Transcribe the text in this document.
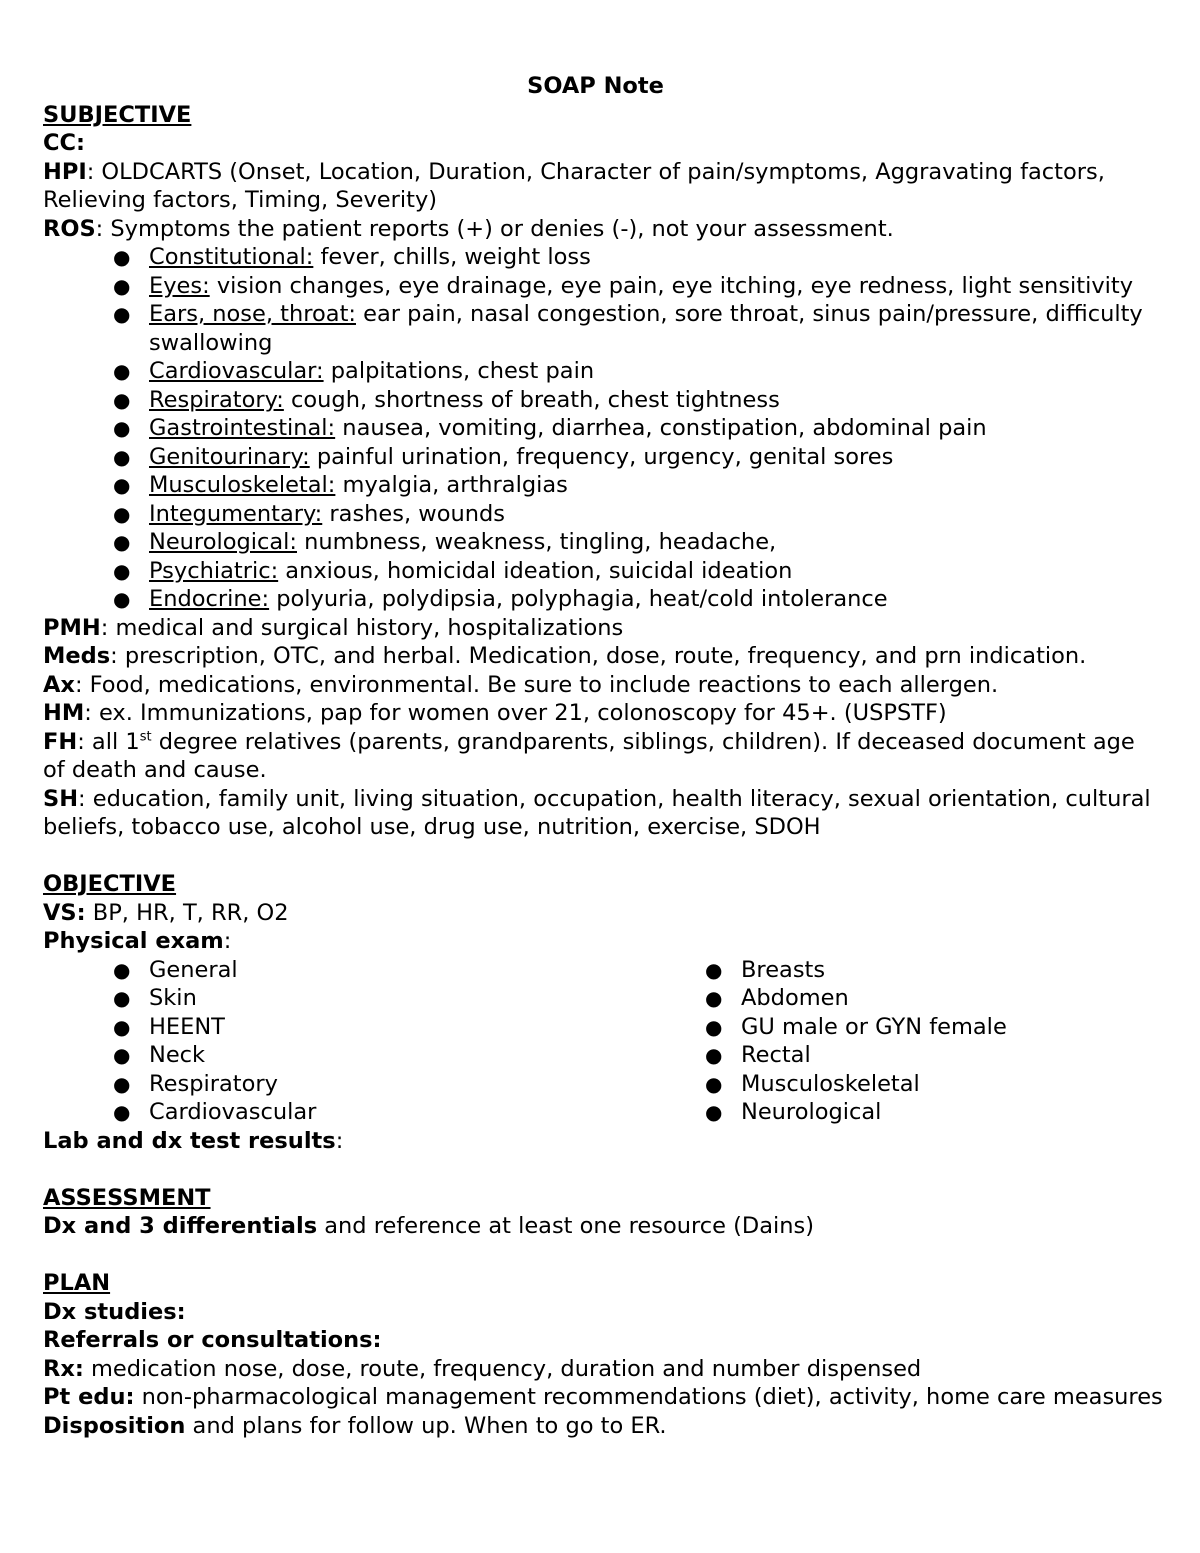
SOAP Note
SUBJECTIVE
CC:
HPI: OLDCARTS (Onset, Location, Duration, Character of pain/symptoms, Aggravating factors, Relieving factors, Timing, Severity)
ROS: Symptoms the patient reports (+) or denies (-), not your assessment.
● Constitutional: fever, chills, weight loss
● Eyes: vision changes, eye drainage, eye pain, eye itching, eye redness, light sensitivity
● Ears, nose, throat: ear pain, nasal congestion, sore throat, sinus pain/pressure, difficulty swallowing
● Cardiovascular: palpitations, chest pain
● Respiratory: cough, shortness of breath, chest tightness
● Gastrointestinal: nausea, vomiting, diarrhea, constipation, abdominal pain
● Genitourinary: painful urination, frequency, urgency, genital sores
● Musculoskeletal: myalgia, arthralgias
● Integumentary: rashes, wounds
● Neurological: numbness, weakness, tingling, headache,
● Psychiatric: anxious, homicidal ideation, suicidal ideation
● Endocrine: polyuria, polydipsia, polyphagia, heat/cold intolerance
PMH: medical and surgical history, hospitalizations
Meds: prescription, OTC, and herbal. Medication, dose, route, frequency, and prn indication.
Ax: Food, medications, environmental. Be sure to include reactions to each allergen.
HM: ex. Immunizations, pap for women over 21, colonoscopy for 45+. (USPSTF)
FH: all 1st degree relatives (parents, grandparents, siblings, children). If deceased document age of death and cause.
SH: education, family unit, living situation, occupation, health literacy, sexual orientation, cultural beliefs, tobacco use, alcohol use, drug use, nutrition, exercise, SDOH
OBJECTIVE
VS: BP, HR, T, RR, O2
Physical exam:
● General
● Skin
● HEENT
● Neck
● Respiratory
● Cardiovascular
● Breasts
● Abdomen
● GU male or GYN female
● Rectal
● Musculoskeletal
● Neurological
Lab and dx test results:
ASSESSMENT
Dx and 3 differentials and reference at least one resource (Dains)
PLAN
Dx studies:
Referrals or consultations:
Rx: medication nose, dose, route, frequency, duration and number dispensed
Pt edu: non-pharmacological management recommendations (diet), activity, home care measures
Disposition and plans for follow up. When to go to ER.
